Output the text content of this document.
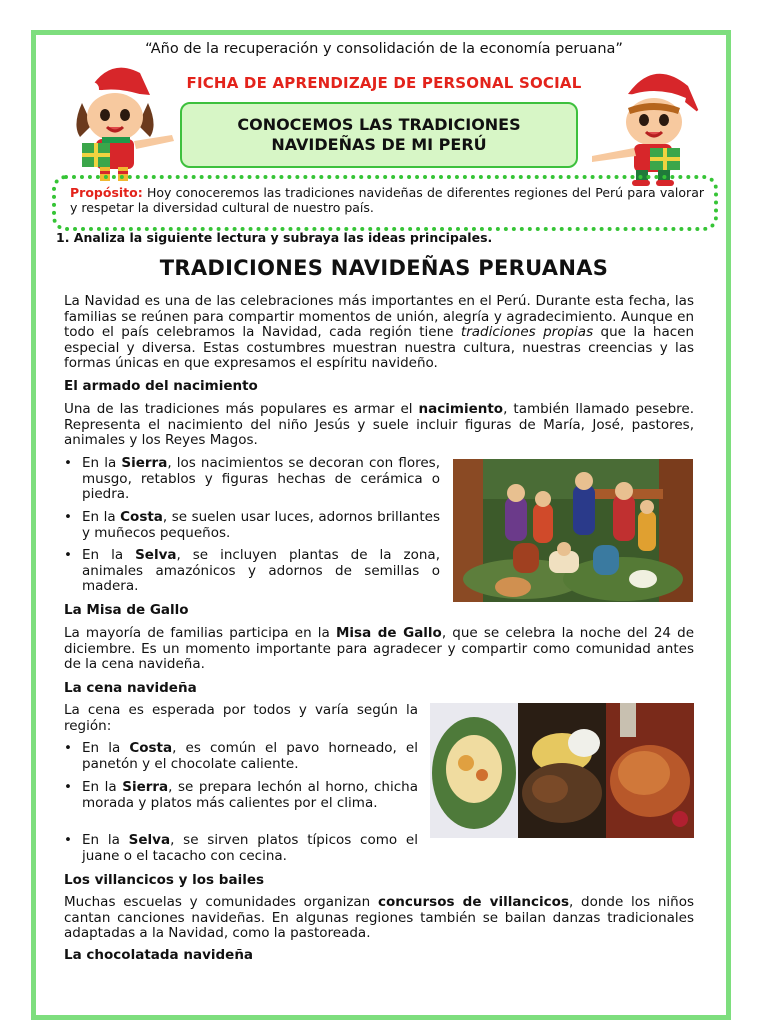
“Año de la recuperación y consolidación de la economía peruana”
FICHA DE APRENDIZAJE DE PERSONAL SOCIAL
CONOCEMOS LAS TRADICIONES
NAVIDEÑAS DE MI PERÚ
Propósito: Hoy conoceremos las tradiciones navideñas de diferentes regiones del Perú para valorar y respetar la diversidad cultural de nuestro país.
1. Analiza la siguiente lectura y subraya las ideas principales.
TRADICIONES NAVIDEÑAS PERUANAS
La Navidad es una de las celebraciones más importantes en el Perú. Durante esta fecha, las familias se reúnen para compartir momentos de unión, alegría y agradecimiento. Aunque en todo el país celebramos la Navidad, cada región tiene tradiciones propias que la hacen especial y diversa. Estas costumbres muestran nuestra cultura, nuestras creencias y las formas únicas en que expresamos el espíritu navideño.
El armado del nacimiento
Una de las tradiciones más populares es armar el nacimiento, también llamado pesebre. Representa el nacimiento del niño Jesús y suele incluir figuras de María, José, pastores, animales y los Reyes Magos.
• En la Sierra, los nacimientos se decoran con flores, musgo, retablos y figuras hechas de cerámica o piedra.
• En la Costa, se suelen usar luces, adornos brillantes y muñecos pequeños.
• En la Selva, se incluyen plantas de la zona, animales amazónicos y adornos de semillas o madera.
La Misa de Gallo
La mayoría de familias participa en la Misa de Gallo, que se celebra la noche del 24 de diciembre. Es un momento importante para agradecer y compartir como comunidad antes de la cena navideña.
La cena navideña
La cena es esperada por todos y varía según la región:
• En la Costa, es común el pavo horneado, el panetón y el chocolate caliente.
• En la Sierra, se prepara lechón al horno, chicha morada y platos más calientes por el clima.
• En la Selva, se sirven platos típicos como el juane o el tacacho con cecina.
Los villancicos y los bailes
Muchas escuelas y comunidades organizan concursos de villancicos, donde los niños cantan canciones navideñas. En algunas regiones también se bailan danzas tradicionales adaptadas a la Navidad, como la pastoreada.
La chocolatada navideña
